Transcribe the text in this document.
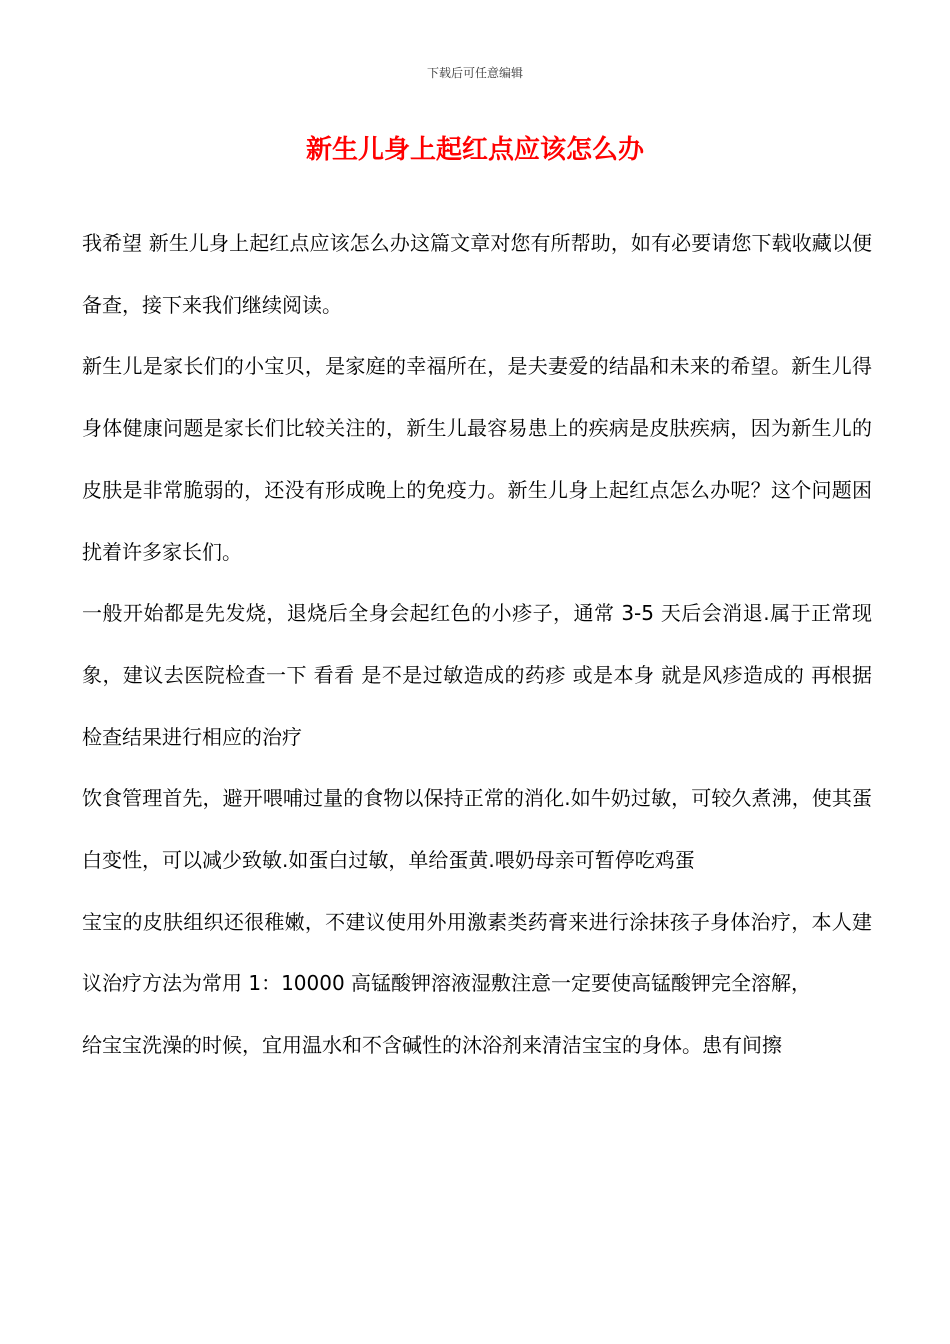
下载后可任意编辑
新生儿身上起红点应该怎么办

我希望 新生儿身上起红点应该怎么办这篇文章对您有所帮助，如有必要请您下载收藏以便备查，接下来我们继续阅读。

新生儿是家长们的小宝贝，是家庭的幸福所在，是夫妻爱的结晶和未来的希望。新生儿得身体健康问题是家长们比较关注的，新生儿最容易患上的疾病是皮肤疾病，因为新生儿的皮肤是非常脆弱的，还没有形成晚上的免疫力。新生儿身上起红点怎么办呢？这个问题困扰着许多家长们。

一般开始都是先发烧，退烧后全身会起红色的小疹子，通常 3-5 天后会消退.属于正常现象，建议去医院检查一下 看看 是不是过敏造成的药疹 或是本身 就是风疹造成的 再根据检查结果进行相应的治疗

饮食管理首先，避开喂哺过量的食物以保持正常的消化.如牛奶过敏，可较久煮沸，使其蛋白变性，可以减少致敏.如蛋白过敏，单给蛋黄.喂奶母亲可暂停吃鸡蛋

宝宝的皮肤组织还很稚嫩，不建议使用外用激素类药膏来进行涂抹孩子身体治疗，本人建议治疗方法为常用 1：10000 高锰酸钾溶液湿敷注意一定要使高锰酸钾完全溶解，

给宝宝洗澡的时候，宜用温水和不含碱性的沐浴剂来清洁宝宝的身体。患有间擦
